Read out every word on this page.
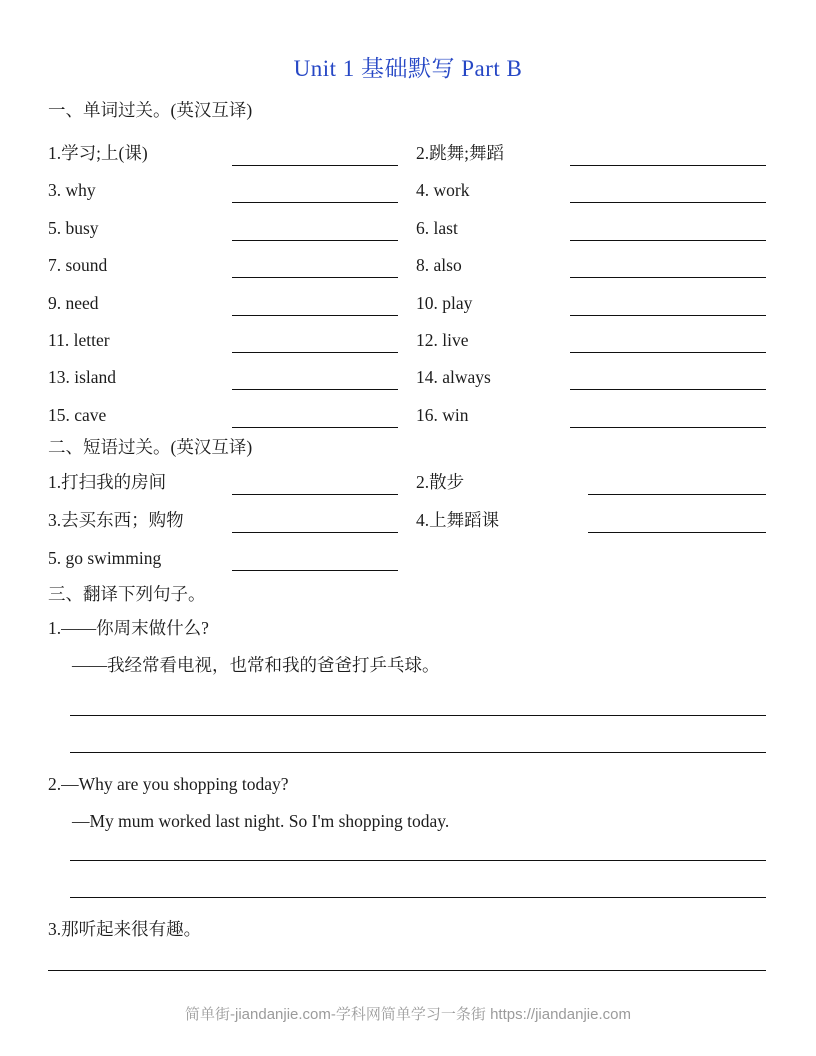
Unit 1 基础默写 Part B
一、单词过关。(英汉互译)
1.学习;上(课)	2.跳舞;舞蹈
3. why	4. work
5. busy	6. last
7. sound	8. also
9. need	10. play
11. letter	12. live
13. island	14. always
15. cave	16. win
二、短语过关。(英汉互译)
1.打扫我的房间	2.散步
3.去买东西；购物	4.上舞蹈课
5. go swimming
三、翻译下列句子。
1.——你周末做什么?
——我经常看电视，也常和我的爸爸打乒乓球。
2.—Why are you shopping today?
—My mum worked last night. So I'm shopping today.
3.那听起来很有趣。
简单街-jiandanjie.com-学科网简单学习一条街 https://jiandanjie.com
